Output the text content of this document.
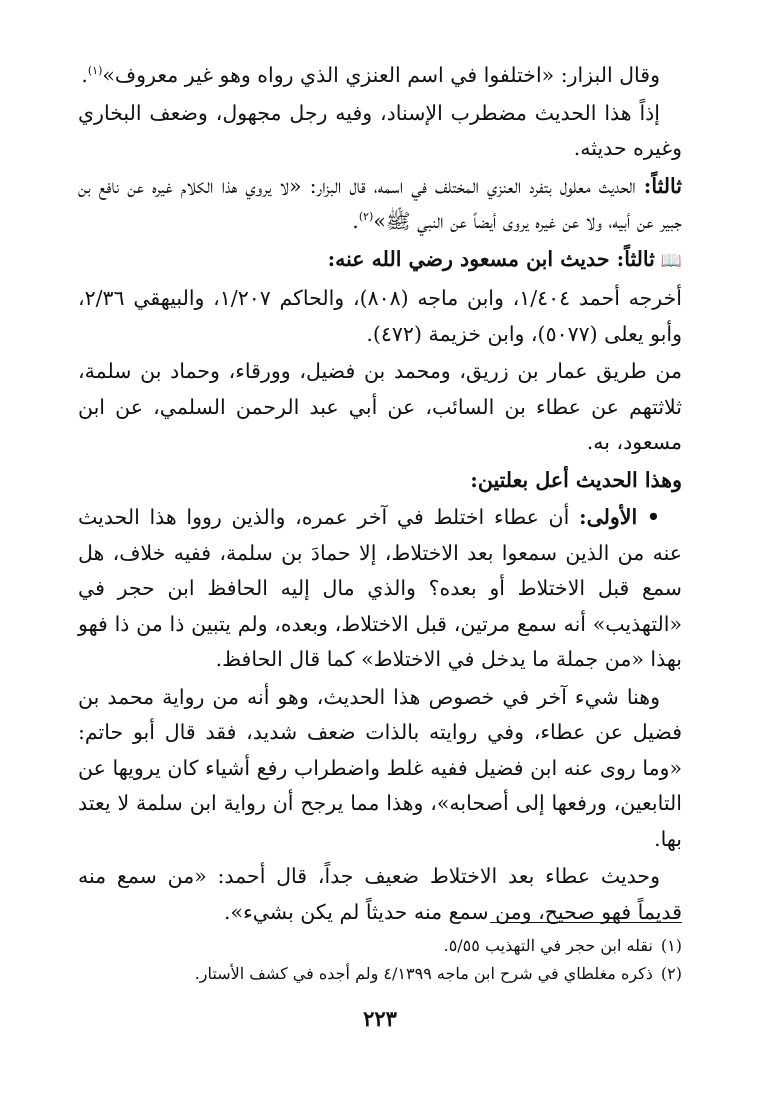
وقال البزار: «اختلفوا في اسم العنزي الذي رواه وهو غير معروف»$^{(١)}$.

إذاً هذا الحديث مضطرب الإسناد، وفيه رجل مجهول، وضعف البخاري وغيره حديثه.

ثالثاً: الحديث معلول بتفرد العنزي المختلف في اسمه، قال البزار: «لا يروي هذا الكلام غيره عن نافع بن جبير عن أبيه، ولا عن غيره يروى أيضاً عن النبي ﷺ»$^{(٢)}$.

📖ثالثاً: حديث ابن مسعود رضي الله عنه:

أخرجه أحمد ١/٤٠٤، وابن ماجه (٨٠٨)، والحاكم ١/٢٠٧، والبيهقي ٢/٣٦، وأبو يعلى (٥٠٧٧)، وابن خزيمة (٤٧٢).

من طريق عمار بن زريق، ومحمد بن فضيل، وورقاء، وحماد بن سلمة، ثلاثتهم عن عطاء بن السائب، عن أبي عبد الرحمن السلمي، عن ابن مسعود، به.

وهذا الحديث أعل بعلتين:

• الأولى: أن عطاء اختلط في آخر عمره، والذين رووا هذا الحديث عنه من الذين سمعوا بعد الاختلاط، إلا حمادَ بن سلمة، ففيه خلاف، هل سمع قبل الاختلاط أو بعده؟ والذي مال إليه الحافظ ابن حجر في «التهذيب» أنه سمع مرتين، قبل الاختلاط، وبعده، ولم يتبين ذا من ذا فهو بهذا «من جملة ما يدخل في الاختلاط» كما قال الحافظ.

وهنا شيء آخر في خصوص هذا الحديث، وهو أنه من رواية محمد بن فضيل عن عطاء، وفي روايته بالذات ضعف شديد، فقد قال أبو حاتم: «وما روى عنه ابن فضيل ففيه غلط واضطراب رفع أشياء كان يرويها عن التابعين، ورفعها إلى أصحابه»، وهذا مما يرجح أن رواية ابن سلمة لا يعتد بها.

وحديث عطاء بعد الاختلاط ضعيف جداً، قال أحمد: «من سمع منه قديماً فهو صحيح، ومن سمع منه حديثاً لم يكن بشيء».

(١)نقله ابن حجر في التهذيب ٥/٥٥.

(٢)ذكره مغلطاي في شرح ابن ماجه ٤/١٣٩٩ ولم أجده في كشف الأستار.

٢٢٣
